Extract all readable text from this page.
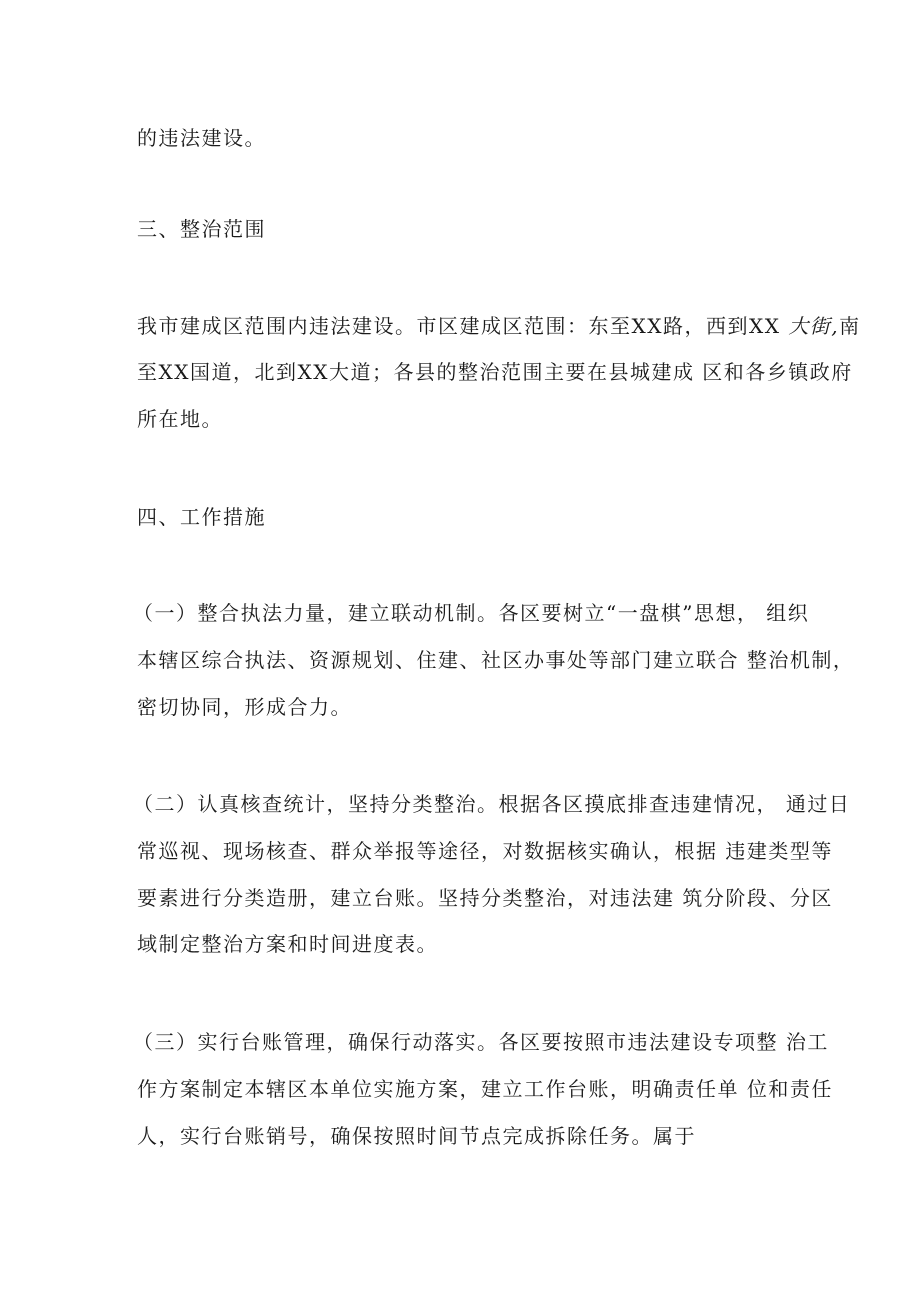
的违法建设。
三、整治范围
我市建成区范围内违法建设。市区建成区范围：东至XX路，西到XX 大街,南
至XX国道，北到XX大道；各县的整治范围主要在县城建成 区和各乡镇政府
所在地。
四、工作措施
（一）整合执法力量，建立联动机制。各区要树立“一盘棋”思想， 组织
本辖区综合执法、资源规划、住建、社区办事处等部门建立联合 整治机制，
密切协同，形成合力。
（二）认真核查统计，坚持分类整治。根据各区摸底排查违建情况， 通过日
常巡视、现场核查、群众举报等途径，对数据核实确认，根据 违建类型等
要素进行分类造册，建立台账。坚持分类整治，对违法建 筑分阶段、分区
域制定整治方案和时间进度表。
（三）实行台账管理，确保行动落实。各区要按照市违法建设专项整 治工
作方案制定本辖区本单位实施方案，建立工作台账，明确责任单 位和责任
人，实行台账销号，确保按照时间节点完成拆除任务。属于
